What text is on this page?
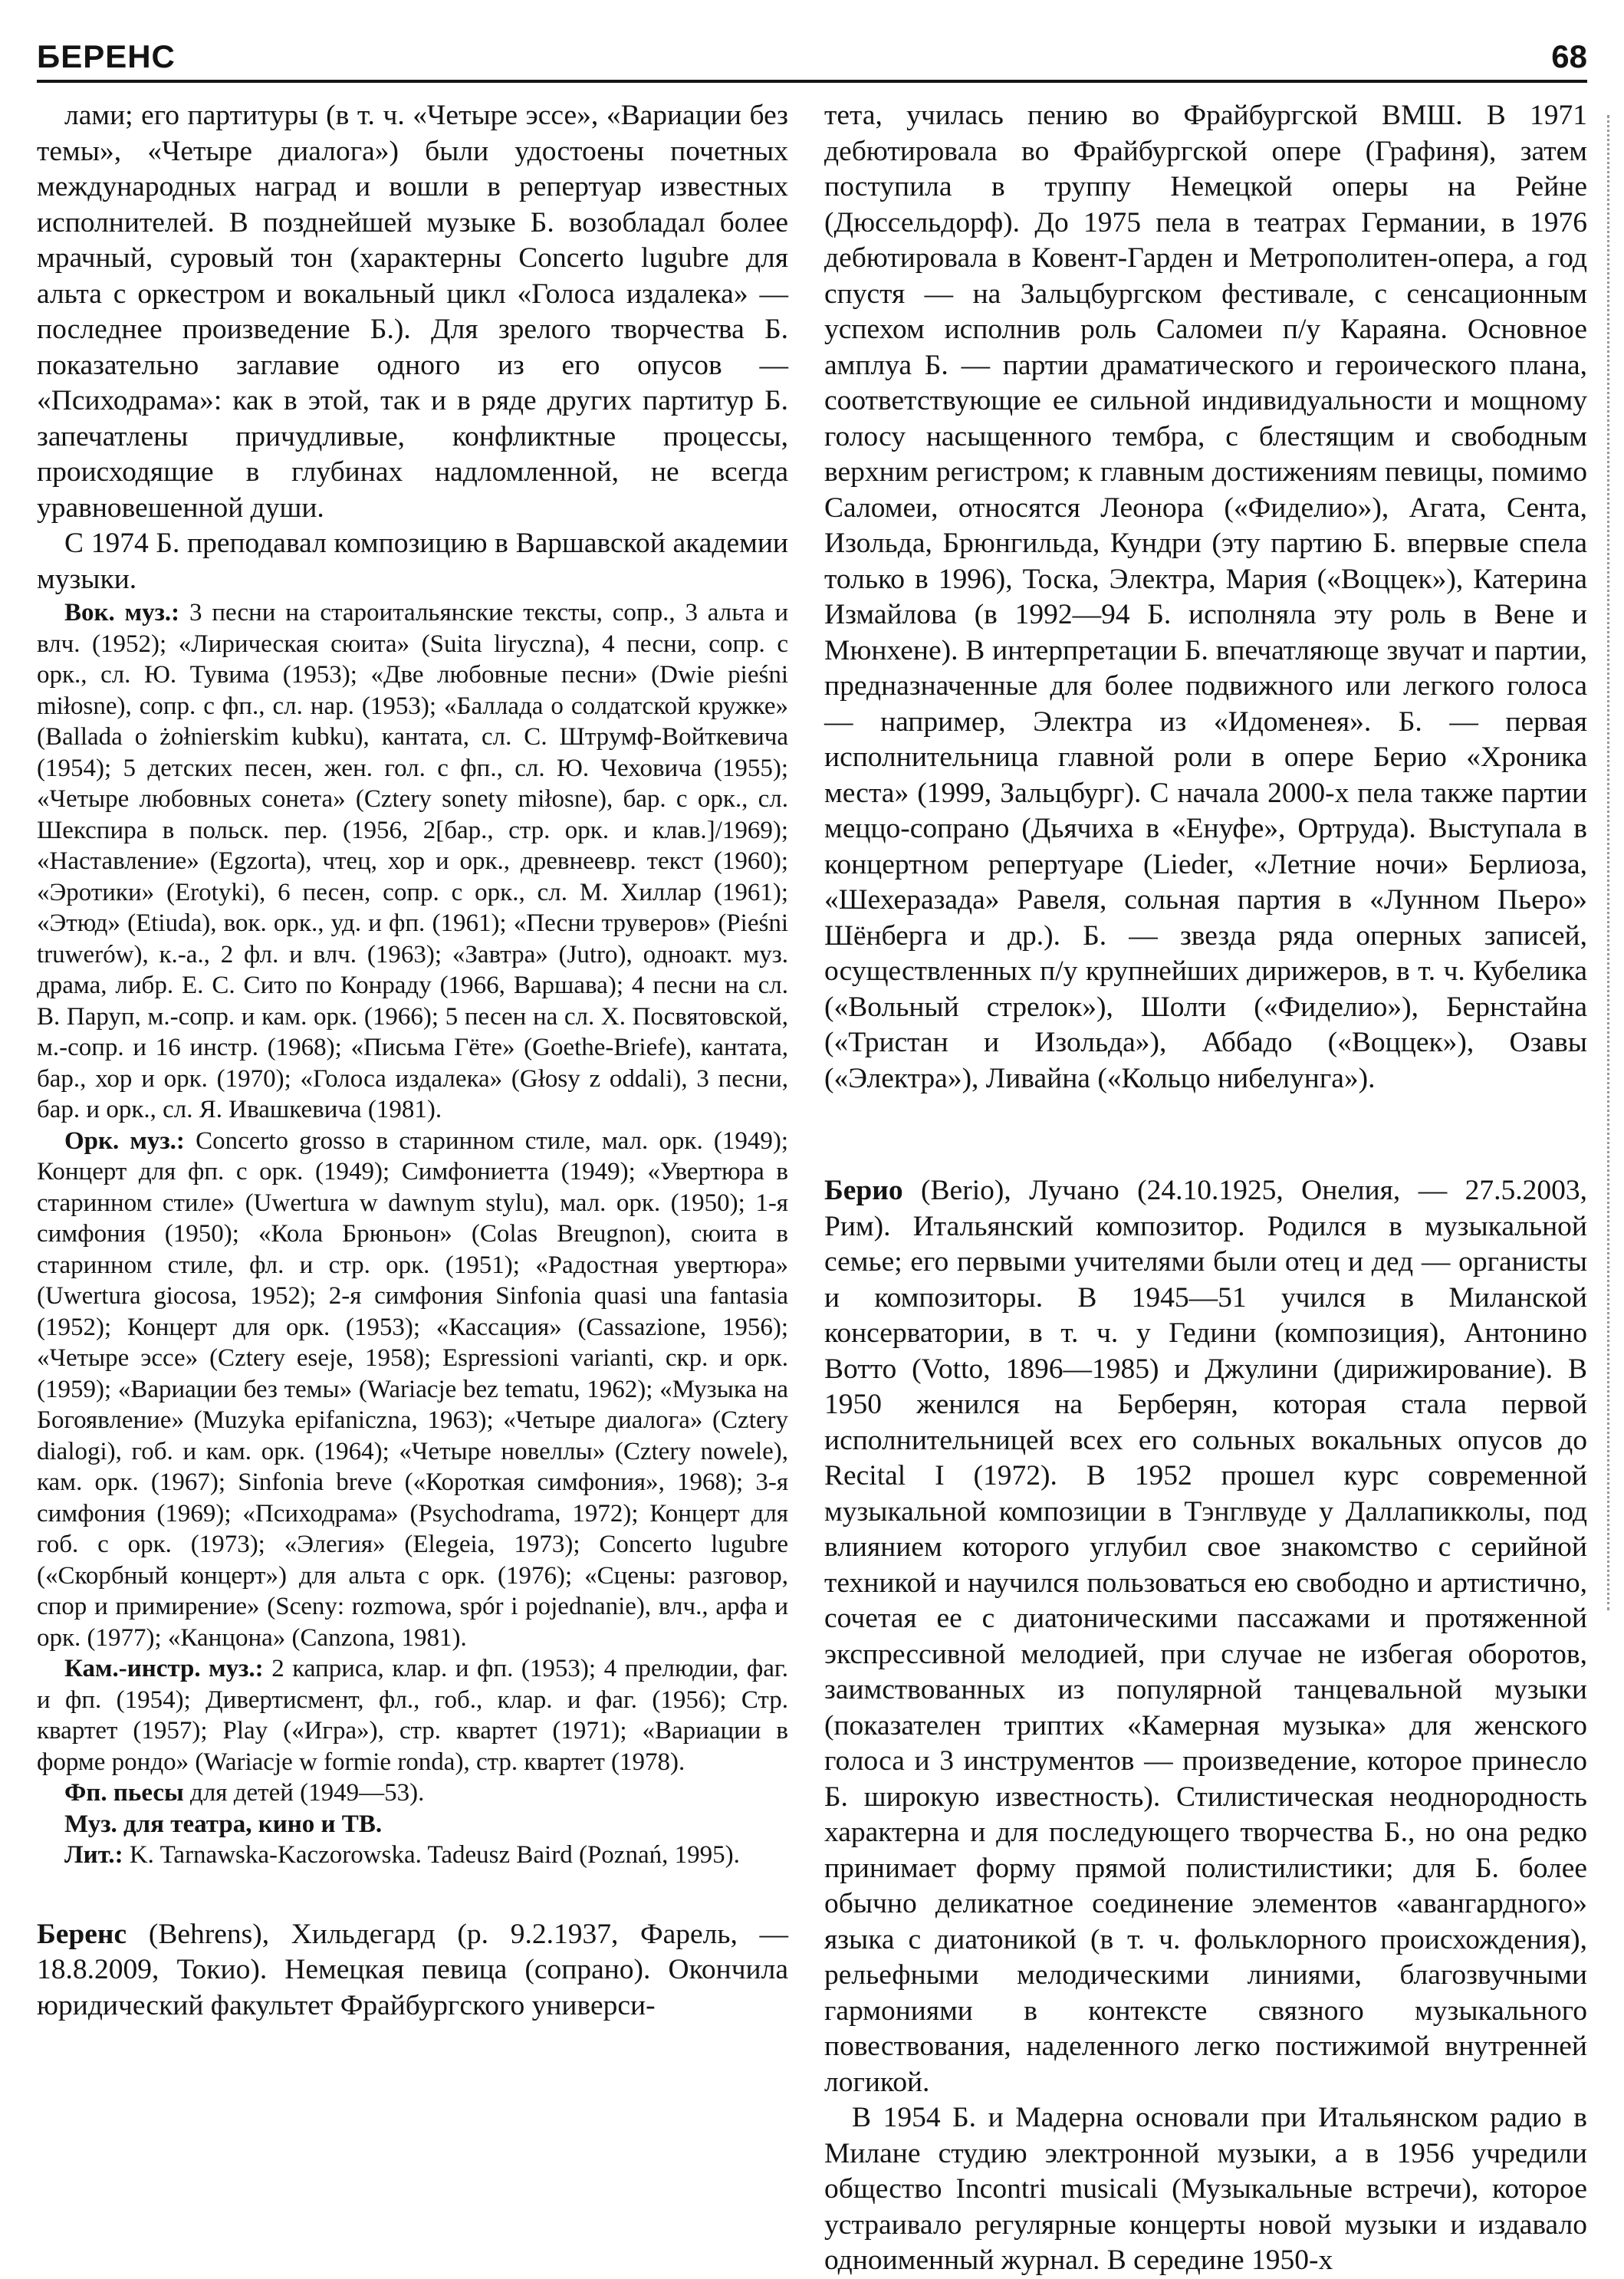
БЕРЕНС	68

лами; его партитуры (в т. ч. «Четыре эссе», «Вариации без темы», «Четыре диалога») были удостоены почетных международных наград и вошли в репертуар известных исполнителей. В позднейшей музыке Б. возобладал более мрачный, суровый тон (характерны Concerto lugubre для альта с оркестром и вокальный цикл «Голоса издалека» — последнее произведение Б.). Для зрелого творчества Б. показательно заглавие одного из его опусов — «Психодрама»: как в этой, так и в ряде других партитур Б. запечатлены причудливые, конфликтные процессы, происходящие в глубинах надломленной, не всегда уравновешенной души.

С 1974 Б. преподавал композицию в Варшавской академии музыки.

Вок. муз.: 3 песни на староитальянские тексты, сопр., 3 альта и влч. (1952); «Лирическая сюита» (Suita liryczna), 4 песни, сопр. с орк., сл. Ю. Тувима (1953); «Две любовные песни» (Dwie pieśni miłosne), сопр. с фп., сл. нар. (1953); «Баллада о солдатской кружке» (Ballada o żołnierskim kubku), кантата, сл. С. Штрумф-Войткевича (1954); 5 детских песен, жен. гол. с фп., сл. Ю. Чеховича (1955); «Четыре любовных сонета» (Cztery sonety miłosne), бар. с орк., сл. Шекспира в польск. пер. (1956, 2[бар., стр. орк. и клав.]/1969); «Наставление» (Egzorta), чтец, хор и орк., древнеевр. текст (1960); «Эротики» (Erotyki), 6 песен, сопр. с орк., сл. М. Хиллар (1961); «Этюд» (Etiuda), вок. орк., уд. и фп. (1961); «Песни труверов» (Pieśni truwerów), к.-а., 2 фл. и влч. (1963); «Завтра» (Jutro), одноакт. муз. драма, либр. Е. С. Сито по Конраду (1966, Варшава); 4 песни на сл. В. Паруп, м.-сопр. и кам. орк. (1966); 5 песен на сл. Х. Посвятовской, м.-сопр. и 16 инстр. (1968); «Письма Гёте» (Goethe-Briefe), кантата, бар., хор и орк. (1970); «Голоса издалека» (Głosy z oddali), 3 песни, бар. и орк., сл. Я. Ивашкевича (1981).

Орк. муз.: Concerto grosso в старинном стиле, мал. орк. (1949); Концерт для фп. с орк. (1949); Симфониетта (1949); «Увертюра в старинном стиле» (Uwertura w dawnym stylu), мал. орк. (1950); 1-я симфония (1950); «Кола Брюньон» (Colas Breugnon), сюита в старинном стиле, фл. и стр. орк. (1951); «Радостная увертюра» (Uwertura giocosa, 1952); 2-я симфония Sinfonia quasi una fantasia (1952); Концерт для орк. (1953); «Кассация» (Cassazione, 1956); «Четыре эссе» (Cztery eseje, 1958); Espressioni varianti, скр. и орк. (1959); «Вариации без темы» (Wariacje bez tematu, 1962); «Музыка на Богоявление» (Muzyka epifaniczna, 1963); «Четыре диалога» (Cztery dialogi), гоб. и кам. орк. (1964); «Четыре новеллы» (Cztery nowele), кам. орк. (1967); Sinfonia breve («Короткая симфония», 1968); 3-я симфония (1969); «Психодрама» (Psychodrama, 1972); Концерт для гоб. с орк. (1973); «Элегия» (Elegeia, 1973); Concerto lugubre («Скорбный концерт») для альта с орк. (1976); «Сцены: разговор, спор и примирение» (Sceny: rozmowa, spór i pojednanie), влч., арфа и орк. (1977); «Канцона» (Canzona, 1981).

Кам.-инстр. муз.: 2 каприса, клар. и фп. (1953); 4 прелюдии, фаг. и фп. (1954); Дивертисмент, фл., гоб., клар. и фаг. (1956); Стр. квартет (1957); Play («Игра»), стр. квартет (1971); «Вариации в форме рондо» (Wariacje w formie ronda), стр. квартет (1978).

Фп. пьесы для детей (1949—53).

Муз. для театра, кино и ТВ.

Лит.: K. Tarnawska-Kaczorowska. Tadeusz Baird (Poznań, 1995).

Беренс (Behrens), Хильдегард (р. 9.2.1937, Фарель, — 18.8.2009, Токио). Немецкая певица (сопрано). Окончила юридический факультет Фрайбургского универси-

тета, училась пению во Фрайбургской ВМШ. В 1971 дебютировала во Фрайбургской опере (Графиня), затем поступила в труппу Немецкой оперы на Рейне (Дюссельдорф). До 1975 пела в театрах Германии, в 1976 дебютировала в Ковент-Гарден и Метрополитен-опера, а год спустя — на Зальцбургском фестивале, с сенсационным успехом исполнив роль Саломеи п/у Караяна. Основное амплуа Б. — партии драматического и героического плана, соответствующие ее сильной индивидуальности и мощному голосу насыщенного тембра, с блестящим и свободным верхним регистром; к главным достижениям певицы, помимо Саломеи, относятся Леонора («Фиделио»), Агата, Сента, Изольда, Брюнгильда, Кундри (эту партию Б. впервые спела только в 1996), Тоска, Электра, Мария («Воццек»), Катерина Измайлова (в 1992—94 Б. исполняла эту роль в Вене и Мюнхене). В интерпретации Б. впечатляюще звучат и партии, предназначенные для более подвижного или легкого голоса — например, Электра из «Идоменея». Б. — первая исполнительница главной роли в опере Берио «Хроника места» (1999, Зальцбург). С начала 2000-х пела также партии меццо-сопрано (Дьячиха в «Енуфе», Ортруда). Выступала в концертном репертуаре (Lieder, «Летние ночи» Берлиоза, «Шехеразада» Равеля, сольная партия в «Лунном Пьеро» Шёнберга и др.). Б. — звезда ряда оперных записей, осуществленных п/у крупнейших дирижеров, в т. ч. Кубелика («Вольный стрелок»), Шолти («Фиделио»), Бернстайна («Тристан и Изольда»), Аббадо («Воццек»), Озавы («Электра»), Ливайна («Кольцо нибелунга»).

Берио (Berio), Лучано (24.10.1925, Онелия, — 27.5.2003, Рим). Итальянский композитор. Родился в музыкальной семье; его первыми учителями были отец и дед — органисты и композиторы. В 1945—51 учился в Миланской консерватории, в т. ч. у Гедини (композиция), Антонино Вотто (Votto, 1896—1985) и Джулини (дирижирование). В 1950 женился на Берберян, которая стала первой исполнительницей всех его сольных вокальных опусов до Recital I (1972). В 1952 прошел курс современной музыкальной композиции в Тэнглвуде у Даллапикколы, под влиянием которого углубил свое знакомство с серийной техникой и научился пользоваться ею свободно и артистично, сочетая ее с диатоническими пассажами и протяженной экспрессивной мелодией, при случае не избегая оборотов, заимствованных из популярной танцевальной музыки (показателен триптих «Камерная музыка» для женского голоса и 3 инструментов — произведение, которое принесло Б. широкую известность). Стилистическая неоднородность характерна и для последующего творчества Б., но она редко принимает форму прямой полистилистики; для Б. более обычно деликатное соединение элементов «авангардного» языка с диатоникой (в т. ч. фольклорного происхождения), рельефными мелодическими линиями, благозвучными гармониями в контексте связного музыкального повествования, наделенного легко постижимой внутренней логикой.

В 1954 Б. и Мадерна основали при Итальянском радио в Милане студию электронной музыки, а в 1956 учредили общество Incontri musicali (Музыкальные встречи), которое устраивало регулярные концерты новой музыки и издавало одноименный журнал. В середине 1950-х
